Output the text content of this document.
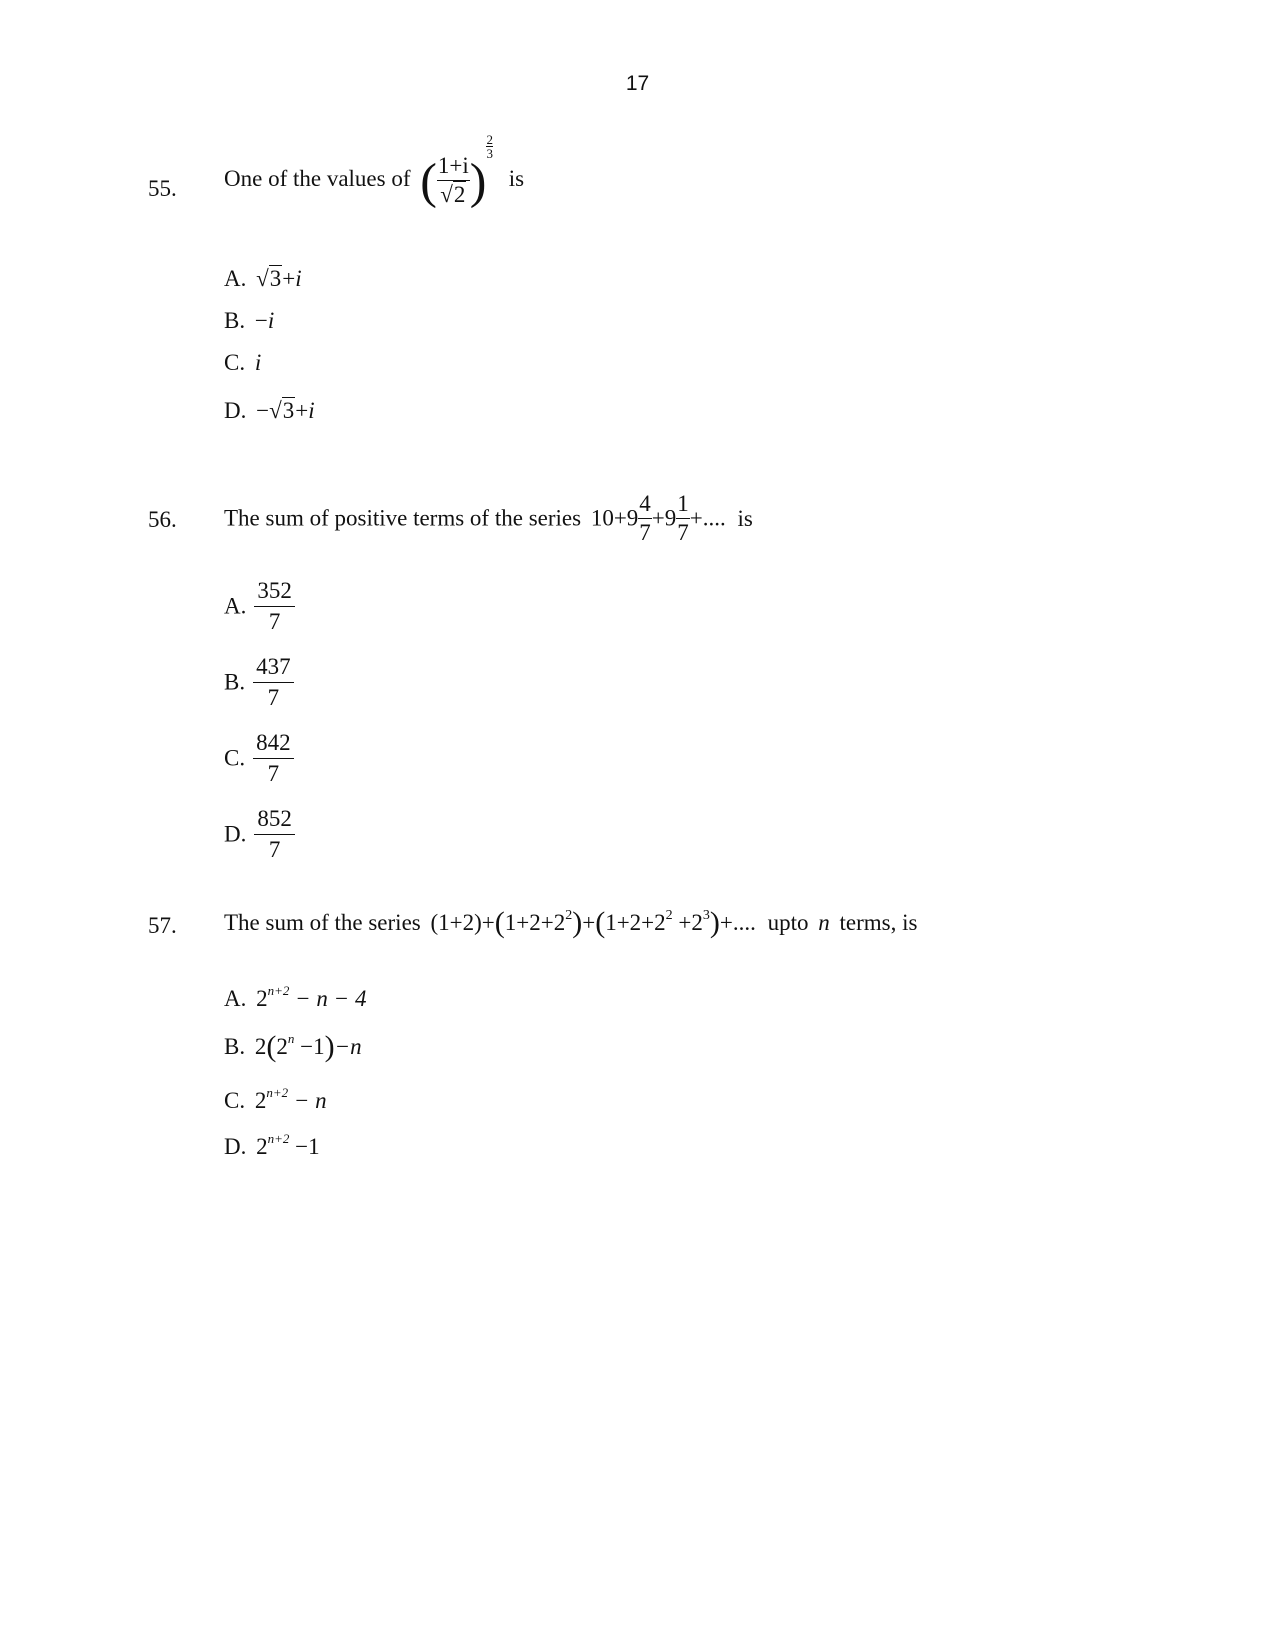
17
55. One of the values of ( $\frac{1+i}{√2}$ )
$\frac{2}{3}$
is
A. √3+i
B. −i
C. i
D. −√3+i
56. The sum of positive terms of the series $10+9 \frac{4}{7} +9 \frac{1}{7}$ +.... is
A. $\frac{352}{7}$
B. $\frac{437}{7}$
C. $\frac{842}{7}$
D. $\frac{852}{7}$
57. The sum of the series $(1+2)+(1+2+2^2)+(1+2+2^2 +2^3)+$.... upto n terms, is
A. $2^{n+2} - n - 4$
B. $2(2^n -1)-n$
C. $2^{n+2} - n$
D. $2^{n+2} -1$
